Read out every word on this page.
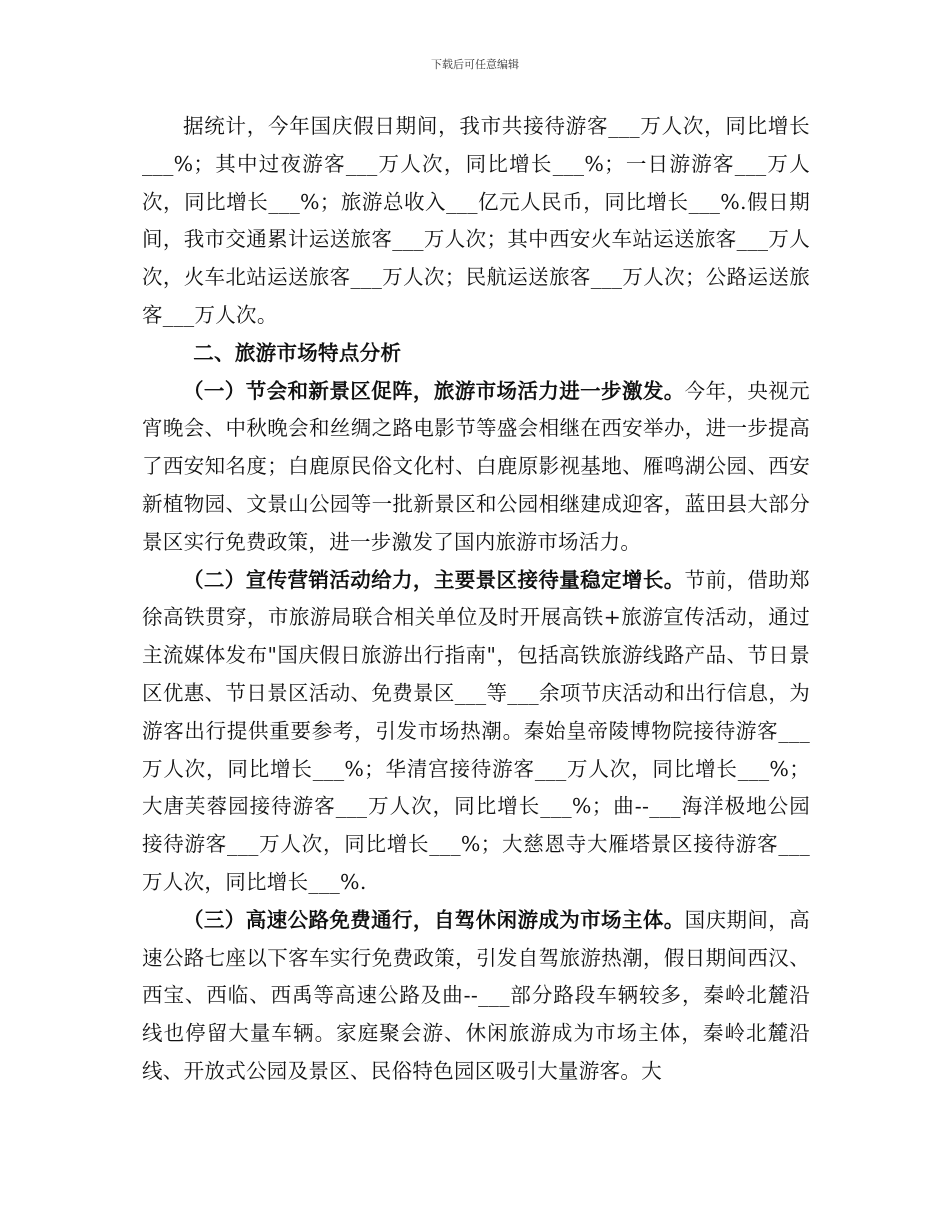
下载后可任意编辑

据统计，今年国庆假日期间，我市共接待游客___万人次，同比增长___%；其中过夜游客___万人次，同比增长___%；一日游游客___万人次，同比增长___%；旅游总收入___亿元人民币，同比增长___%.假日期间，我市交通累计运送旅客___万人次；其中西安火车站运送旅客___万人次，火车北站运送旅客___万人次；民航运送旅客___万人次；公路运送旅客___万人次。

二、旅游市场特点分析

（一）节会和新景区促阵，旅游市场活力进一步激发。今年，央视元宵晚会、中秋晚会和丝绸之路电影节等盛会相继在西安举办，进一步提高了西安知名度；白鹿原民俗文化村、白鹿原影视基地、雁鸣湖公园、西安新植物园、文景山公园等一批新景区和公园相继建成迎客，蓝田县大部分景区实行免费政策，进一步激发了国内旅游市场活力。

（二）宣传营销活动给力，主要景区接待量稳定增长。节前，借助郑徐高铁贯穿，市旅游局联合相关单位及时开展高铁+旅游宣传活动，通过主流媒体发布"国庆假日旅游出行指南"，包括高铁旅游线路产品、节日景区优惠、节日景区活动、免费景区___等___余项节庆活动和出行信息，为游客出行提供重要参考，引发市场热潮。秦始皇帝陵博物院接待游客___万人次，同比增长___%；华清宫接待游客___万人次，同比增长___%；大唐芙蓉园接待游客___万人次，同比增长___%；曲--___海洋极地公园接待游客___万人次，同比增长___%；大慈恩寺大雁塔景区接待游客___万人次，同比增长___%.

（三）高速公路免费通行，自驾休闲游成为市场主体。国庆期间，高速公路七座以下客车实行免费政策，引发自驾旅游热潮，假日期间西汉、西宝、西临、西禹等高速公路及曲--___部分路段车辆较多，秦岭北麓沿线也停留大量车辆。家庭聚会游、休闲旅游成为市场主体，秦岭北麓沿线、开放式公园及景区、民俗特色园区吸引大量游客。大
